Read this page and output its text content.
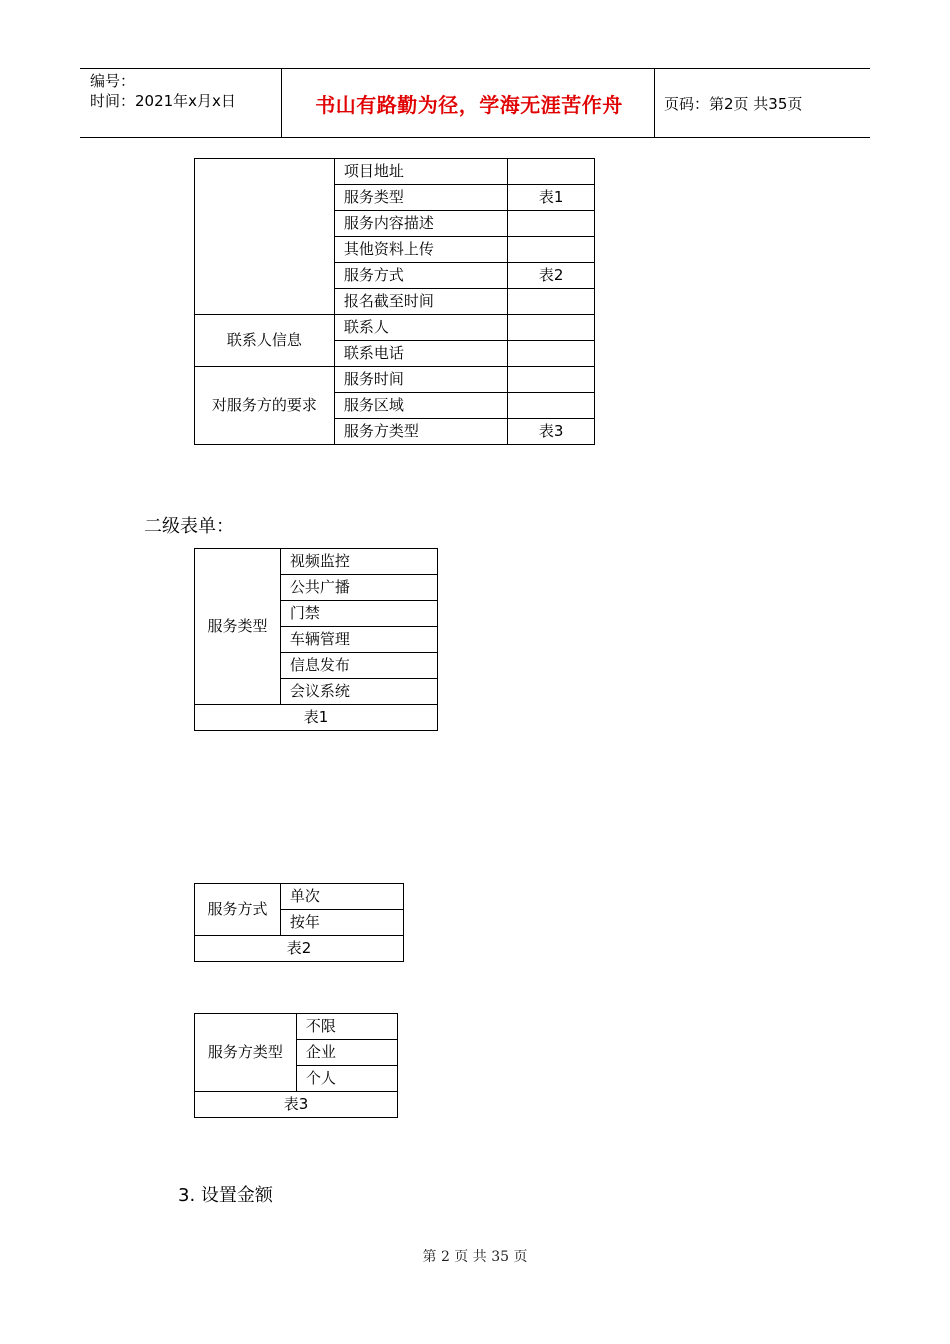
编号：
时间：2021年x月x日	书山有路勤为径，学海无涯苦作舟	页码：第2页 共35页
	项目地址	
	服务类型	表1
	服务内容描述	
	其他资料上传	
	服务方式	表2
	报名截至时间	
联系人信息	联系人	
	联系电话	
对服务方的要求	服务时间	
	服务区域	
	服务方类型	表3
二级表单：
服务类型	视频监控
公共广播
门禁
车辆管理
信息发布
会议系统
表1
服务方式	单次
按年
表2
服务方类型	不限
企业
个人
表3
3. 设置金额
第 2 页 共 35 页
